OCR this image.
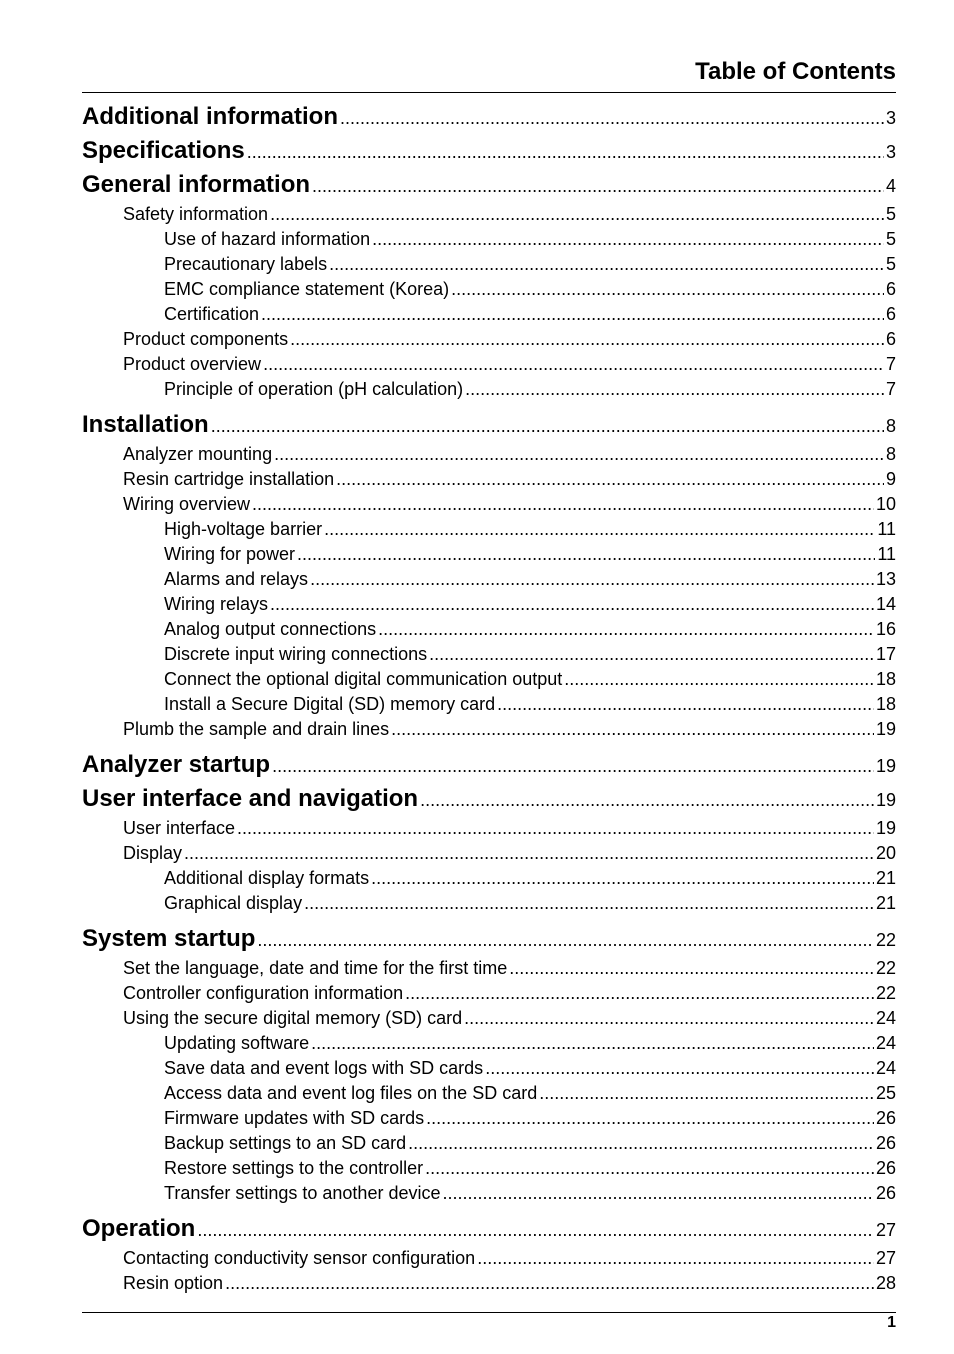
Table of Contents
Additional information .....	3
Specifications .....	3
General information .....	4
Safety information .....	5
Use of hazard information .....	5
Precautionary labels .....	5
EMC compliance statement (Korea) .....	6
Certification .....	6
Product components .....	6
Product overview .....	7
Principle of operation (pH calculation) .....	7
Installation .....	8
Analyzer mounting .....	8
Resin cartridge installation .....	9
Wiring overview .....	10
High-voltage barrier .....	11
Wiring for power .....	11
Alarms and relays .....	13
Wiring relays .....	14
Analog output connections .....	16
Discrete input wiring connections .....	17
Connect the optional digital communication output .....	18
Install a Secure Digital (SD) memory card .....	18
Plumb the sample and drain lines .....	19
Analyzer startup .....	19
User interface and navigation .....	19
User interface .....	19
Display .....	20
Additional display formats .....	21
Graphical display .....	21
System startup .....	22
Set the language, date and time for the first time .....	22
Controller configuration information .....	22
Using the secure digital memory (SD) card .....	24
Updating software .....	24
Save data and event logs with SD cards .....	24
Access data and event log files on the SD card .....	25
Firmware updates with SD cards .....	26
Backup settings to an SD card .....	26
Restore settings to the controller .....	26
Transfer settings to another device .....	26
Operation .....	27
Contacting conductivity sensor configuration .....	27
Resin option .....	28
1
